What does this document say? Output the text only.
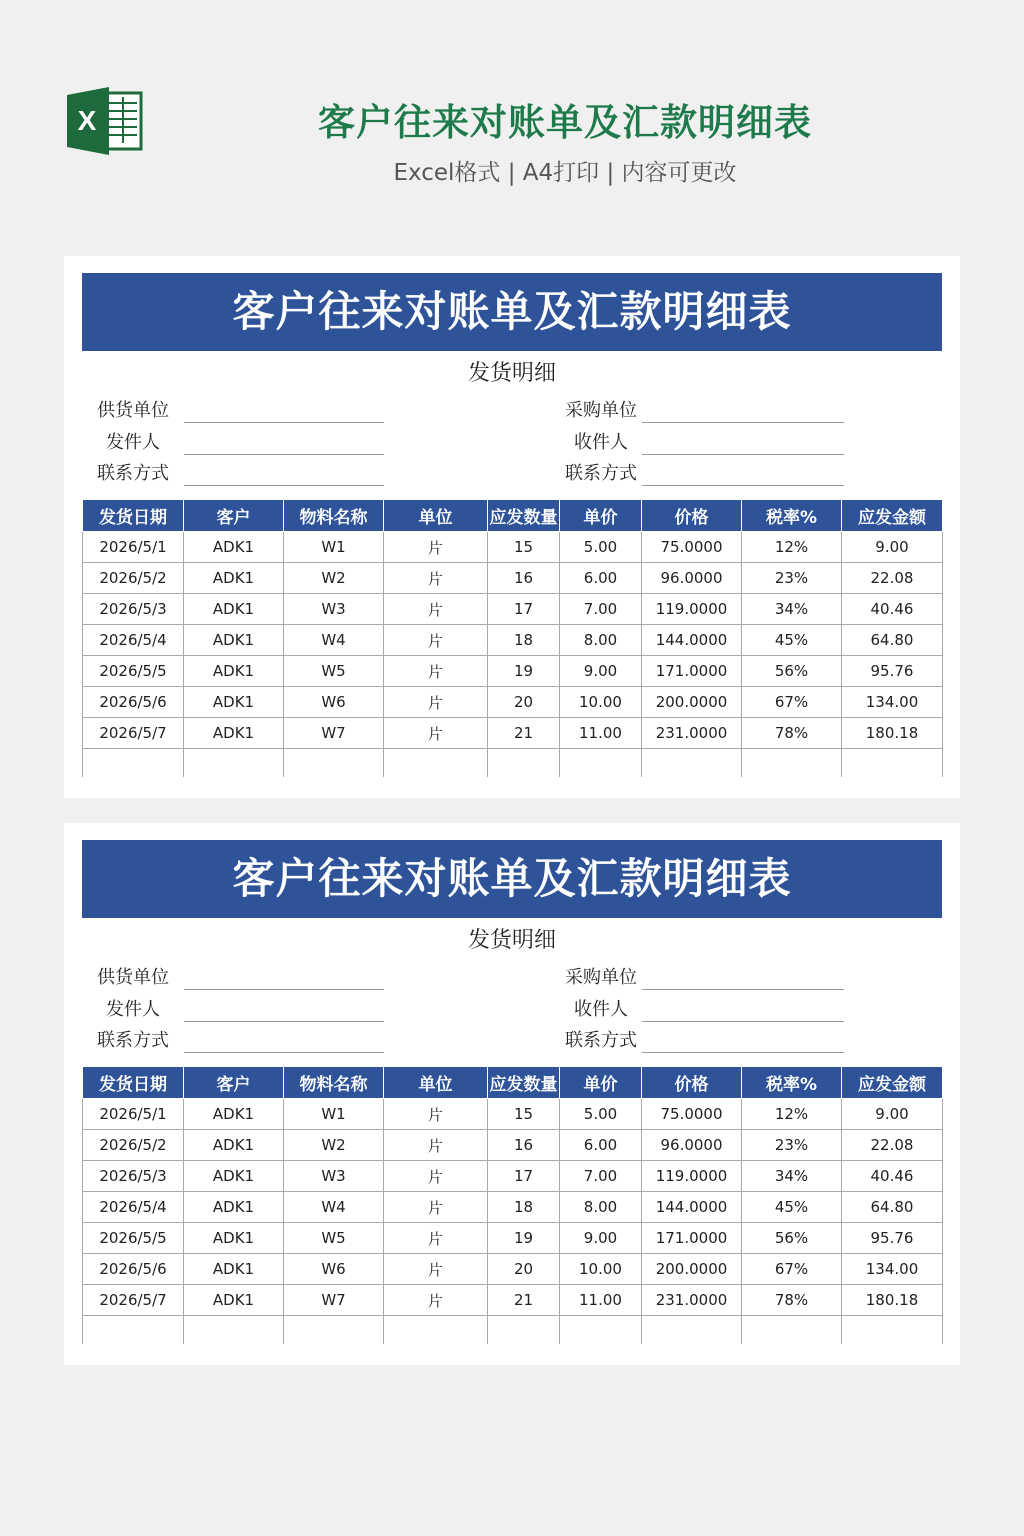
X	客户往来对账单及汇款明细表
Excel格式 | A4打印 | 内容可更改
客户往来对账单及汇款明细表
发货明细
供货单位	采购单位
发件人	收件人
联系方式	联系方式
发货日期	客户	物料名称	单位	应发数量	单价	价格	税率%	应发金额
2026/5/1	ADK1	W1	片	15	5.00	75.0000	12%	9.00
2026/5/2	ADK1	W2	片	16	6.00	96.0000	23%	22.08
2026/5/3	ADK1	W3	片	17	7.00	119.0000	34%	40.46
2026/5/4	ADK1	W4	片	18	8.00	144.0000	45%	64.80
2026/5/5	ADK1	W5	片	19	9.00	171.0000	56%	95.76
2026/5/6	ADK1	W6	片	20	10.00	200.0000	67%	134.00
2026/5/7	ADK1	W7	片	21	11.00	231.0000	78%	180.18

客户往来对账单及汇款明细表
发货明细
供货单位	采购单位
发件人	收件人
联系方式	联系方式
发货日期	客户	物料名称	单位	应发数量	单价	价格	税率%	应发金额
2026/5/1	ADK1	W1	片	15	5.00	75.0000	12%	9.00
2026/5/2	ADK1	W2	片	16	6.00	96.0000	23%	22.08
2026/5/3	ADK1	W3	片	17	7.00	119.0000	34%	40.46
2026/5/4	ADK1	W4	片	18	8.00	144.0000	45%	64.80
2026/5/5	ADK1	W5	片	19	9.00	171.0000	56%	95.76
2026/5/6	ADK1	W6	片	20	10.00	200.0000	67%	134.00
2026/5/7	ADK1	W7	片	21	11.00	231.0000	78%	180.18
